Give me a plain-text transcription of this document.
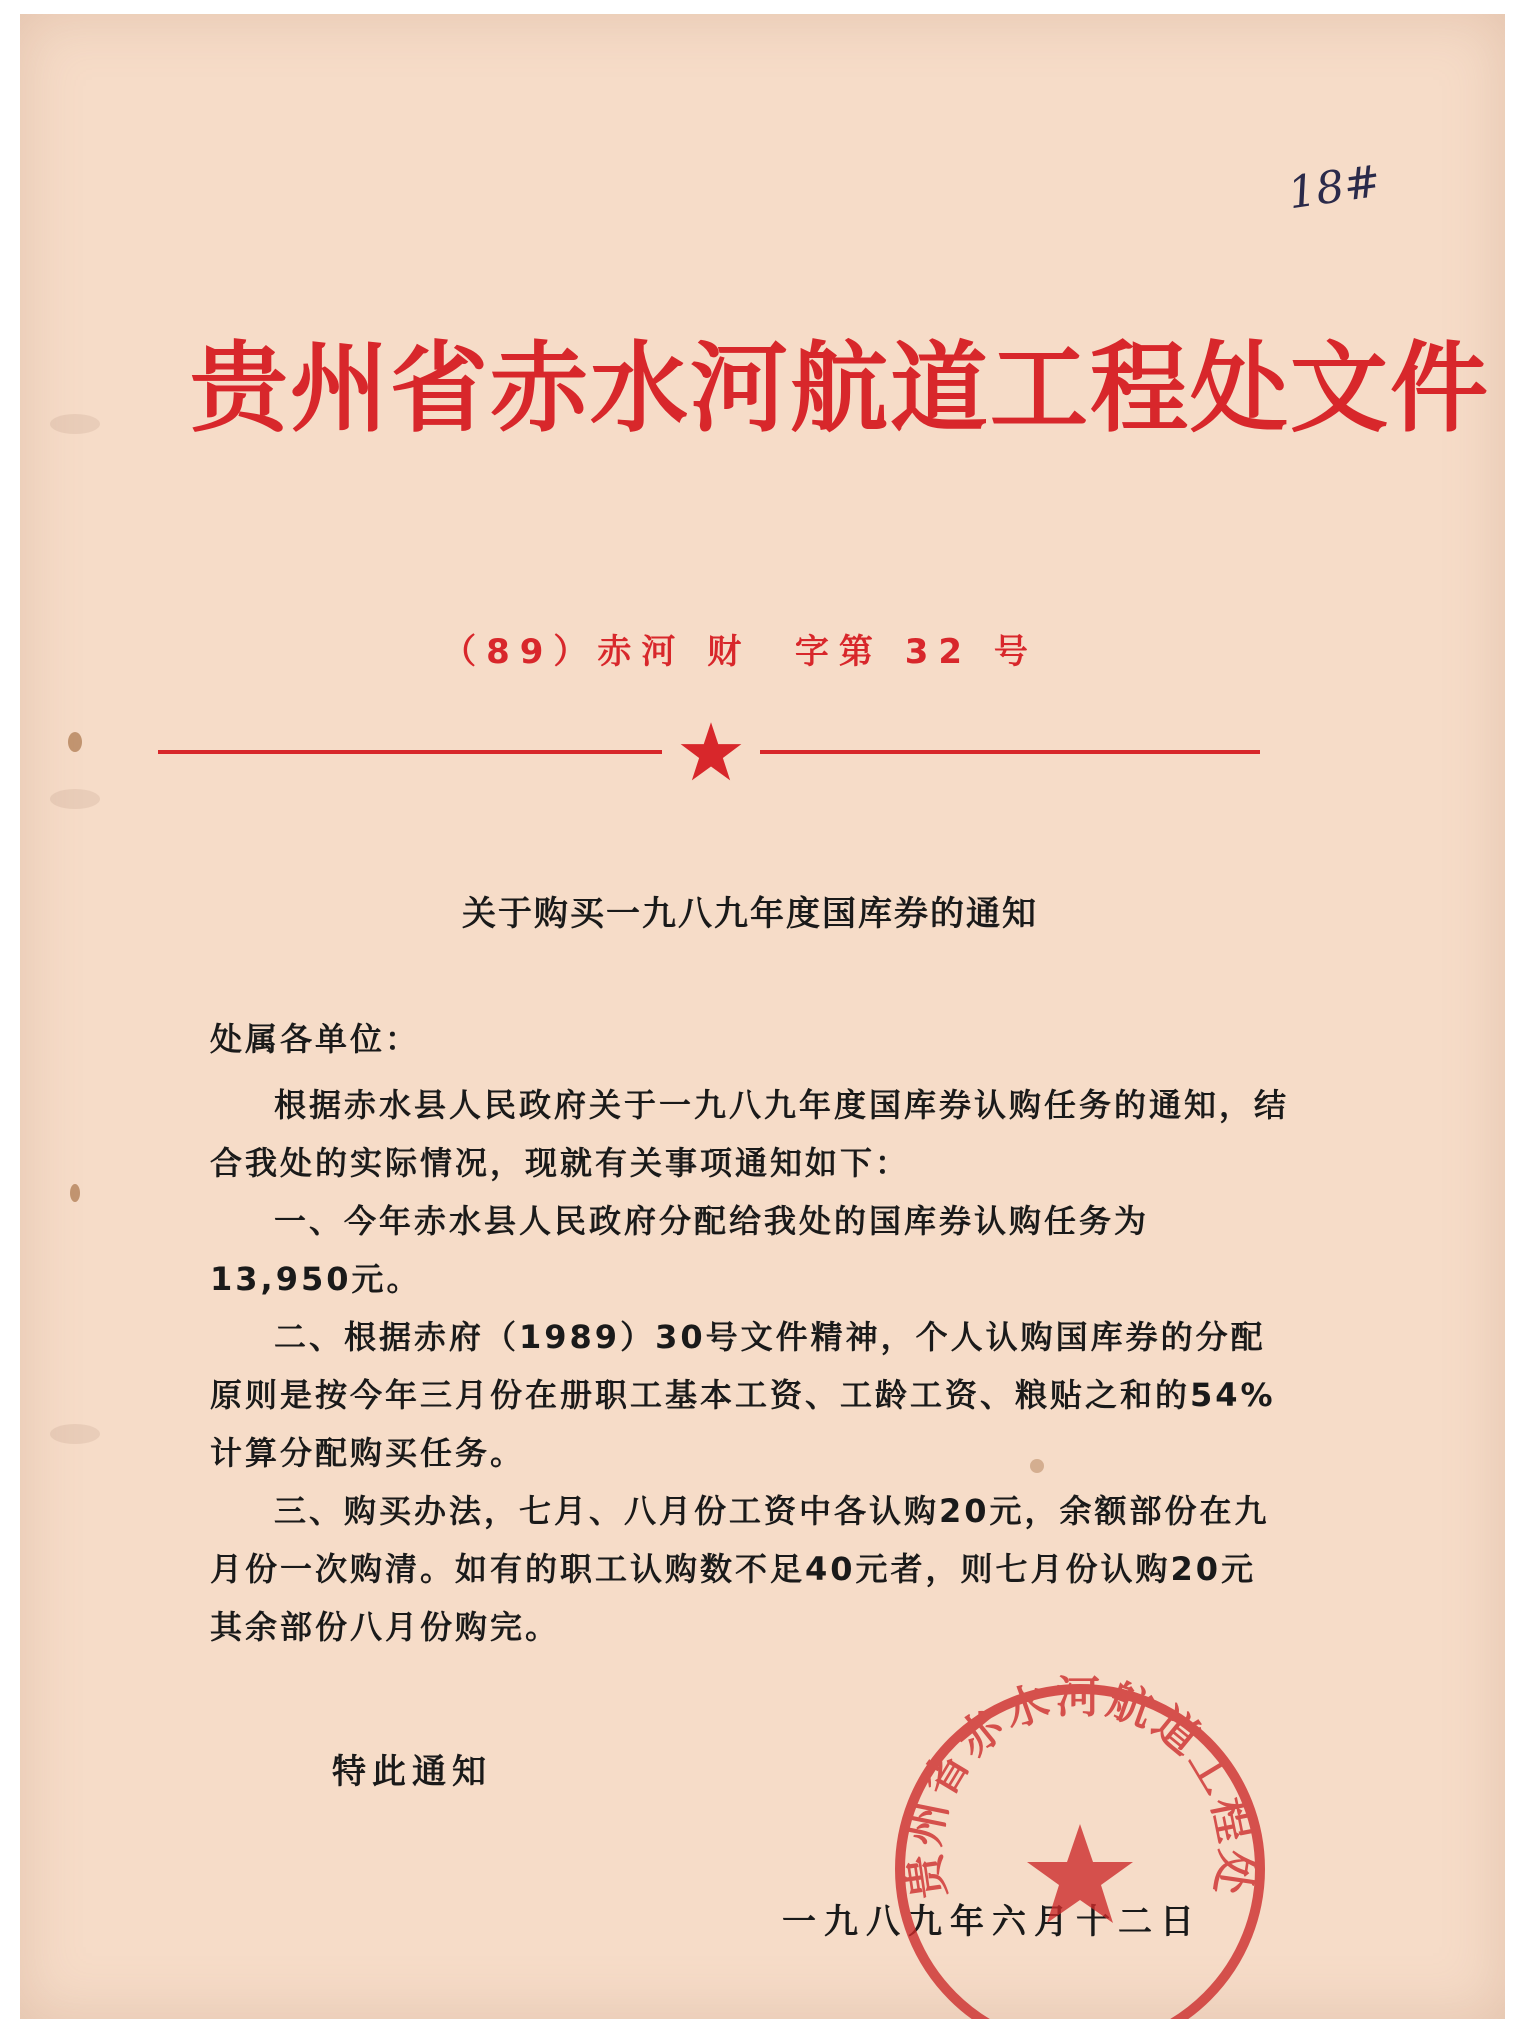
18#
贵州省赤水河航道工程处文件
（89）赤河 财  字第 32 号
关于购买一九八九年度国库券的通知

处属各单位：

根据赤水县人民政府关于一九八九年度国库券认购任务的通知，结合我处的实际情况，现就有关事项通知如下：

一、今年赤水县人民政府分配给我处的国库券认购任务为13,950元。

二、根据赤府（1989）30号文件精神，个人认购国库券的分配原则是按今年三月份在册职工基本工资、工龄工资、粮贴之和的54%计算分配购买任务。

三、购买办法，七月、八月份工资中各认购20元，余额部份在九月份一次购清。如有的职工认购数不足40元者，则七月份认购20元其余部份八月份购完。

特此通知
一九八九年六月十二日
贵州省赤水河航道工程处
